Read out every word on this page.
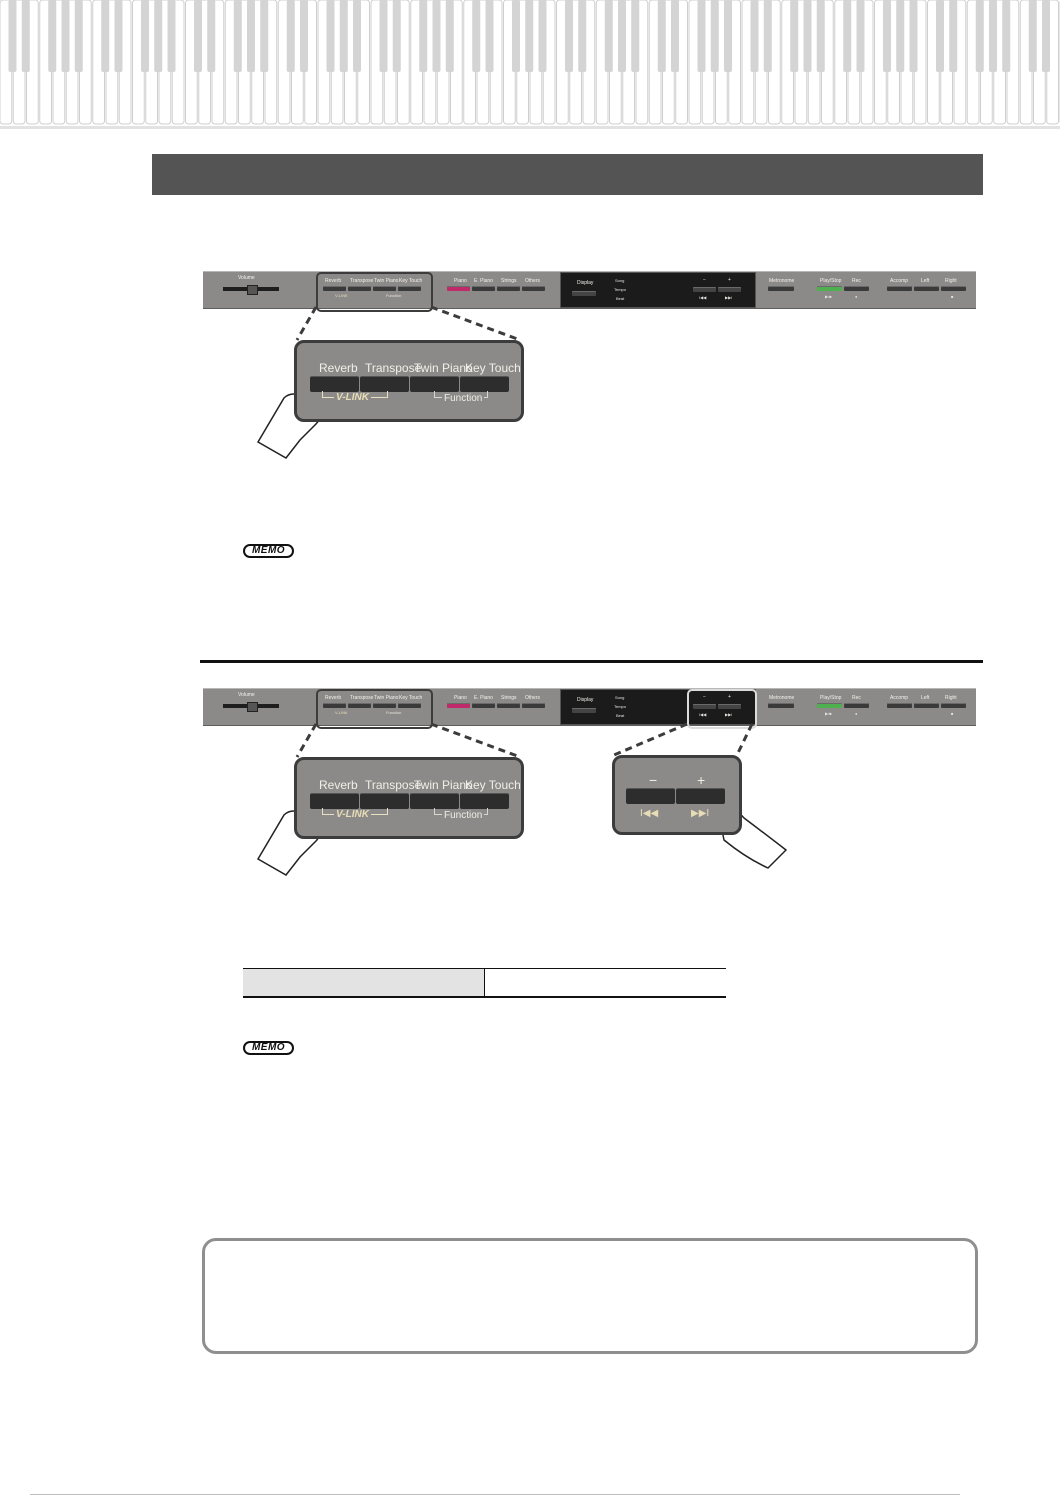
Volume	Reverb Transpose Twin Piano Key Touch
V-LINK	Function
Piano E. Piano Strings Others	Display	Song
Tempo
Beat
−	+
I◀◀	▶▶I
Metronome	Play/Stop Rec
▶/■	●
Accomp	Left	Right
■
Volume	Reverb Transpose Twin Piano Key Touch
V-LINK	Function
Piano E. Piano Strings Others	Display	Song
Tempo
Beat
−	+
I◀◀	▶▶I
Metronome	Play/Stop Rec
▶/■	●
Accomp	Left	Right
■
Reverb Transpose
Twin Piano
Key Touch
V-LINK	Function
Reverb Transpose
Twin Piano
Key Touch
V-LINK	Function
−	+
I◀◀	▶▶I
MEMO
MEMO
